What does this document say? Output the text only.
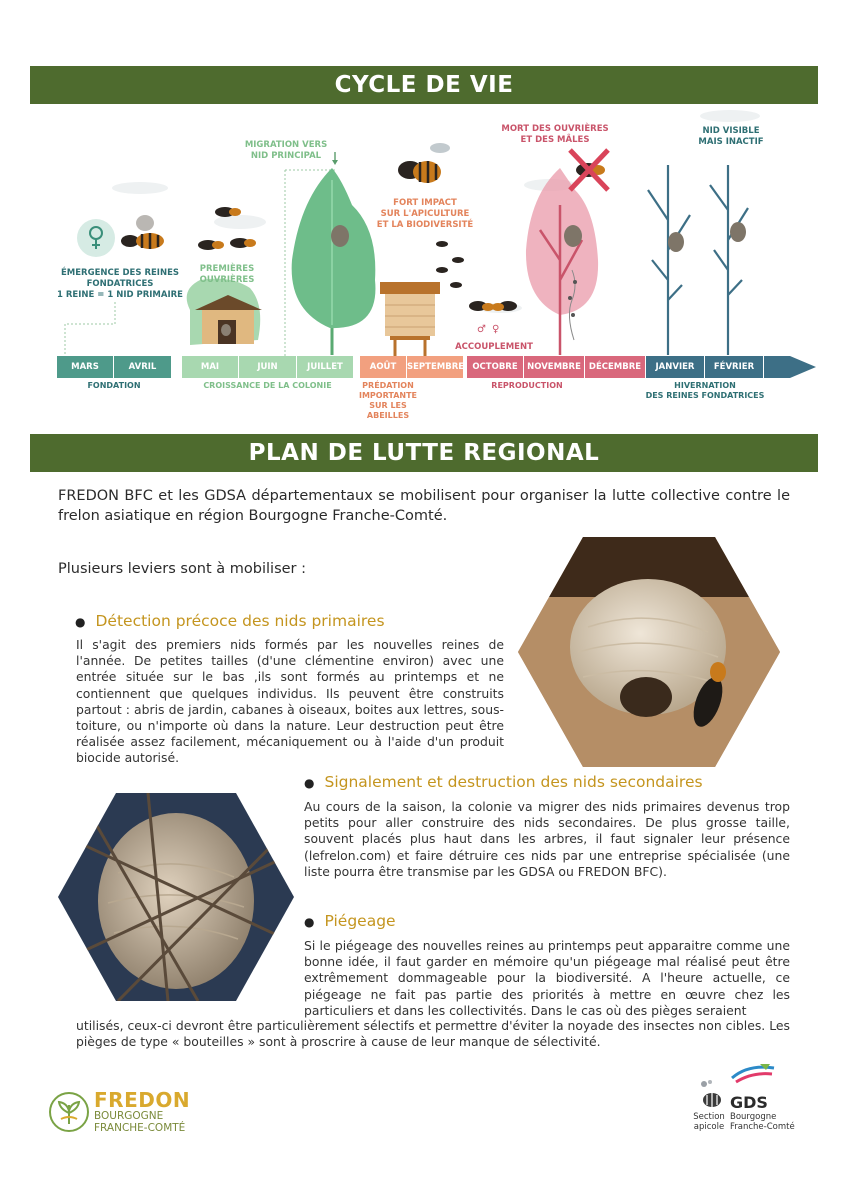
CYCLE DE VIE
♂ ♀
ÉMERGENCE DES REINES
FONDATRICES
1 REINE = 1 NID PRIMAIRE
PREMIÈRES
OUVRIÈRES
MIGRATION VERS
NID PRINCIPAL
FORT IMPACT
SUR L'APICULTURE
ET LA BIODIVERSITÉ
MORT DES OUVRIÈRES
ET DES MÂLES
NID VISIBLE
MAIS INACTIF
ACCOUPLEMENT
MARS	AVRIL	MAI	JUIN	JUILLET	AOÛT	SEPTEMBRE OCTOBRE	NOVEMBRE DÉCEMBRE	JANVIER	FÉVRIER
FONDATION	CROISSANCE DE LA COLONIE	PRÉDATION
IMPORTANTE
SUR LES ABEILLES
REPRODUCTION	HIVERNATION
DES REINES FONDATRICES
PLAN DE LUTTE REGIONAL

FREDON BFC et les GDSA départementaux se mobilisent pour organiser la lutte collective contre le frelon asiatique en région Bourgogne Franche-Comté.

Plusieurs leviers sont à mobiliser :

● Détection précoce des nids primaires

Il s'agit des premiers nids formés par les nouvelles reines de l'année. De petites tailles (d'une clémentine environ) avec une entrée située sur le bas ,ils sont formés au printemps et ne contiennent que quelques individus. Ils peuvent être construits partout : abris de jardin, cabanes à oiseaux, boites aux lettres, sous-toiture, ou n'importe où dans la nature. Leur destruction peut être réalisée assez facilement, mécaniquement ou à l'aide d'un produit biocide autorisé.

● Signalement et destruction des nids secondaires

Au cours de la saison, la colonie va migrer des nids primaires devenus trop petits pour aller construire des nids secondaires. De plus grosse taille, souvent placés plus haut dans les arbres, il faut signaler leur présence (lefrelon.com) et faire détruire ces nids par une entreprise spécialisée (une liste pourra être transmise par les GDSA ou FREDON BFC).

● Piégeage

Si le piégeage des nouvelles reines au printemps peut apparaitre comme une bonne idée, il faut garder en mémoire qu'un piégeage mal réalisé peut être extrêmement dommageable pour la biodiversité. A l'heure actuelle, ce piégeage ne fait pas partie des priorités à mettre en œuvre chez les particuliers et dans les collectivités. Dans le cas où des pièges seraient

utilisés, ceux-ci devront être particulièrement sélectifs et permettre d'éviter la noyade des insectes non cibles. Les pièges de type « bouteilles » sont à proscrire à cause de leur manque de sélectivité.

FREDON
BOURGOGNE
FRANCHE-COMTÉ
GDS
Section
apicole
Bourgogne
Franche-Comté
